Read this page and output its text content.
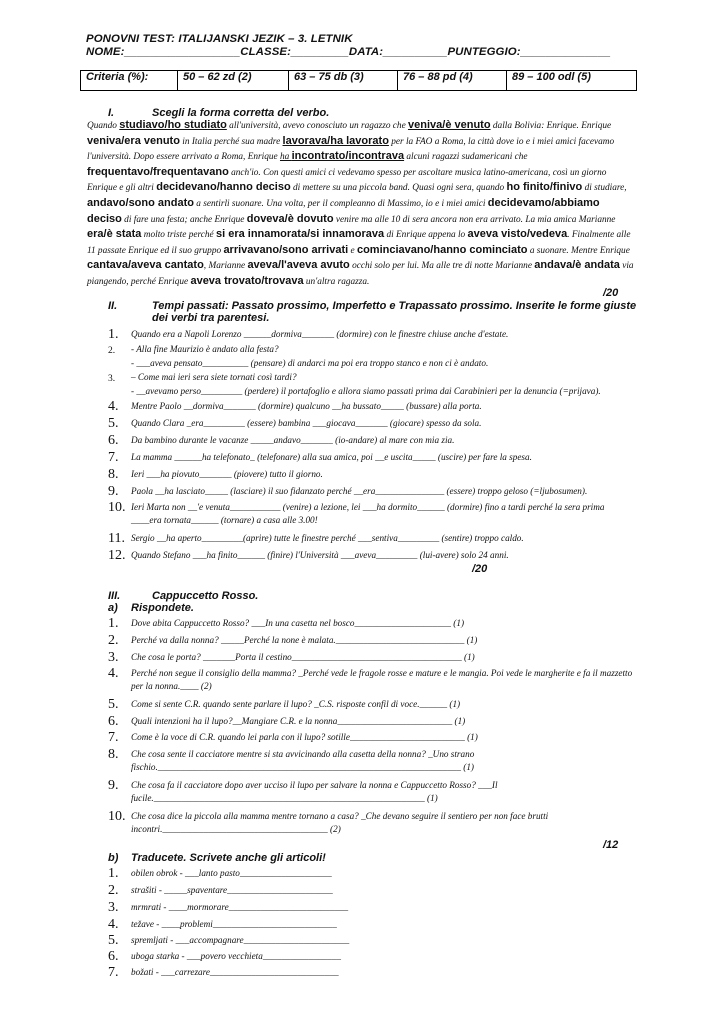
PONOVNI TEST: ITALIJANSKI JEZIK – 3. LETNIK
NOME:__________________CLASSE:_________DATA:__________PUNTEGGIO:______________
Criteria (%):	50 – 62 zd (2)	63 – 75 db (3)	76 – 88 pd (4)	89 – 100 odl (5)
I.	Scegli la forma corretta del verbo.
Quando studiavo/ho studiato all'università, avevo conosciuto un ragazzo che veniva/è venuto dalla Bolivia: Enrique. Enrique veniva/era venuto in Italia perché sua madre lavorava/ha lavorato per la FAO a Roma, la città dove io e i miei amici facevamo l'università. Dopo essere arrivato a Roma, Enrique ha incontrato/incontrava alcuni ragazzi sudamericani che frequentavo/frequentavano anch'io. Con questi amici ci vedevamo spesso per ascoltare musica latino-americana, così un giorno Enrique e gli altri decidevano/hanno deciso di mettere su una piccola band. Quasi ogni sera, quando ho finito/finivo di studiare, andavo/sono andato a sentirli suonare. Una volta, per il compleanno di Massimo, io e i miei amici decidevamo/abbiamo deciso di fare una festa; anche Enrique doveva/è dovuto venire ma alle 10 di sera ancora non era arrivato. La mia amica Marianne era/è stata molto triste perché si era innamorata/si innamorava di Enrique appena lo aveva visto/vedeva. Finalmente alle 11 passate Enrique ed il suo gruppo arrivavano/sono arrivati e cominciavano/hanno cominciato a suonare. Mentre Enrique cantava/aveva cantato, Marianne aveva/l'aveva avuto occhi solo per lui. Ma alle tre di notte Marianne andava/è andata via piangendo, perché Enrique aveva trovato/trovava un'altra ragazza.
/20
II.	Tempi passati: Passato prossimo, Imperfetto e Trapassato prossimo. Inserite le forme giuste
dei verbi tra parentesi.
1. Quando era a Napoli Lorenzo ______dormiva_______ (dormire) con le finestre chiuse anche d'estate.
2. - Alla fine Maurizio è andato alla festa?
- ___aveva pensato__________ (pensare) di andarci ma poi era troppo stanco e non ci è andato.
3. – Come mai ieri sera siete tornati così tardi?
- __avevamo perso_________ (perdere) il portafoglio e allora siamo passati prima dai Carabinieri per la denuncia (=prijava).
4. Mentre Paolo __dormiva_______ (dormire) qualcuno __ha bussato_____ (bussare) alla porta.
5. Quando Clara _era_________ (essere) bambina ___giocava_______ (giocare) spesso da sola.
6. Da bambino durante le vacanze _____andavo_______ (io-andare) al mare con mia zia.
7. La mamma ______ha telefonato_ (telefonare) alla sua amica, poi __e uscita_____ (uscire) per fare la spesa.
8. Ieri ___ha piovuto_______ (piovere) tutto il giorno.
9. Paola __ha lasciato_____ (lasciare) il suo fidanzato perché __era_______________ (essere) troppo geloso (=ljubosumen).
10. Ieri Marta non __'e venuta___________ (venire) a lezione, lei ___ha dormito______ (dormire) fino a tardi perché la sera prima ____era tornata______ (tornare) a casa alle 3.00!
11. Sergio __ha aperto_________(aprire) tutte le finestre perché ___sentiva_________ (sentire) troppo caldo.
12. Quando Stefano ___ha finito______ (finire) l'Università ___aveva_________ (lui-avere) solo 24 anni.
/20
III.	Cappuccetto Rosso.
a) Rispondete.
1. Dove abita Cappuccetto Rosso? ___In una casetta nel bosco_____________________ (1)
2. Perché va dalla nonna? _____Perché la none è malata.____________________________ (1)
3. Che cosa le porta? _______Porta il cestino_____________________________________ (1)
4. Perché non segue il consiglio della mamma? _Perché vede le fragole rosse e mature e le mangia. Poi vede le margherite e fa il mazzetto per la nonna.____ (2)
5. Come si sente C.R. quando sente parlare il lupo? _C.S. risposte confil di voce.______ (1)
6. Quali intenzioni ha il lupo?__Mangiare C.R. e la nonna_________________________ (1)
7. Come è la voce di C.R. quando lei parla con il lupo? sotille_________________________ (1)
8. Che cosa sente il cacciatore mentre si sta avvicinando alla casetta della nonna? _Uno strano fischio.__________________________________________________________________ (1)
9. Che cosa fa il cacciatore dopo aver ucciso il lupo per salvare la nonna e Cappuccetto Rosso? ___Il fucile.___________________________________________________________ (1)
10. Che cosa dice la piccola alla mamma mentre tornano a casa? _Che devano seguire il sentiero per non face brutti incontri.____________________________________ (2)
/12
b) Traducete. Scrivete anche gli articoli!
1. obilen obrok - ___lanto pasto____________________
2. strašiti - _____spaventare_______________________
3. mrmrati - ____mormorare__________________________
4. težave - ____problemi___________________________
5. spremljati - ___accompagnare_______________________
6. uboga starka - ___povero vecchieta_________________
7. božati - ___carrezare____________________________
